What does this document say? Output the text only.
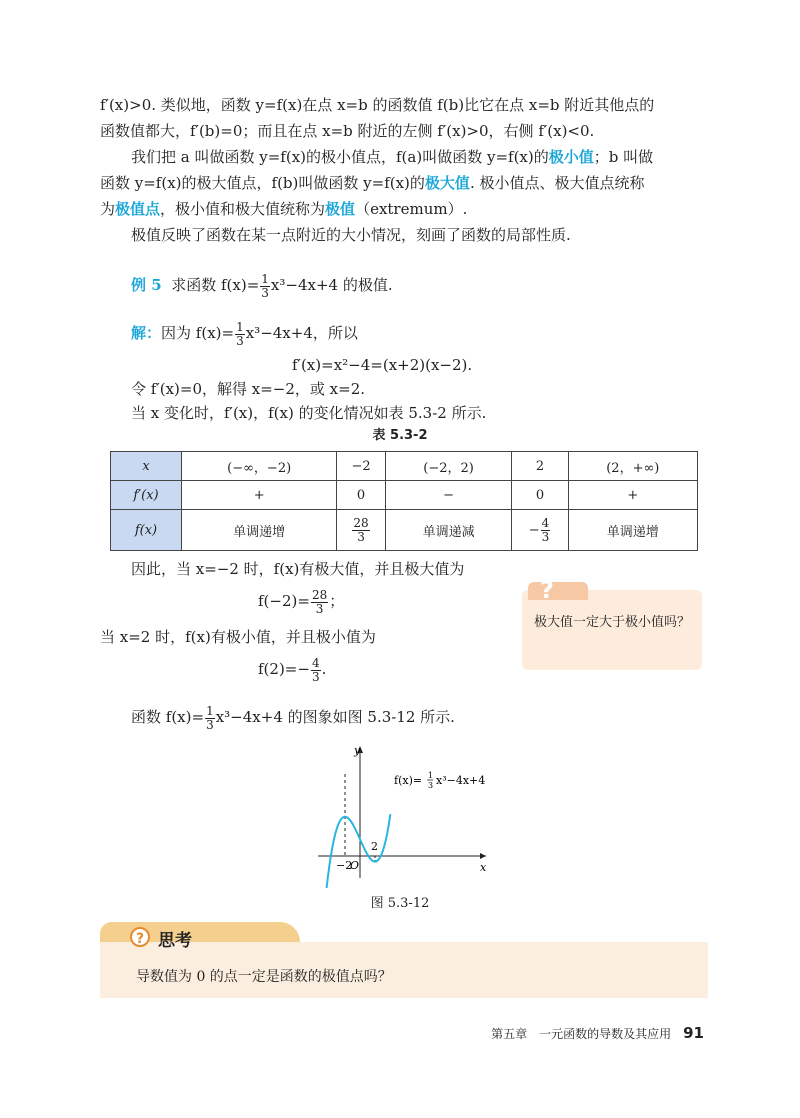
f′(x)>0. 类似地，函数 y=f(x)在点 x=b 的函数值 f(b)比它在点 x=b 附近其他点的
函数值都大，f′(b)=0；而且在点 x=b 附近的左侧 f′(x)>0，右侧 f′(x)<0.
我们把 a 叫做函数 y=f(x)的极小值点，f(a)叫做函数 y=f(x)的极小值；b 叫做
函数 y=f(x)的极大值点，f(b)叫做函数 y=f(x)的极大值. 极小值点、极大值点统称
为极值点，极小值和极大值统称为极值（extremum）.
极值反映了函数在某一点附近的大小情况，刻画了函数的局部性质.
例 5 求函数 $f(x)= \frac{1}{3} x^3-4x+4$ 的极值.
解：因为 $f(x)= \frac{1}{3} x^3-4x+4$，所以
f′(x)=x²−4=(x+2)(x−2).
令 f′(x)=0，解得 x=−2，或 x=2.
当 x 变化时，f′(x)，f(x) 的变化情况如表 5.3-2 所示.
表 5.3-2
x	(−∞，−2)	−2	(−2，2)	2	(2，+∞)
f′(x)	+	0	−	0	+
f(x)	单调递增	$\frac{28}{3}$	单调递减	− $\frac{4}{3}$	单调递增
因此，当 x=−2 时，f(x)有极大值，并且极大值为
$f(-2)= \frac{28}{3}$ ；
当 x=2 时，f(x)有极小值，并且极小值为
$f(2)=- \frac{4}{3}$ .
函数 $f(x)= \frac{1}{3} x^3-4x+4$ 的图象如图 5.3-12 所示.
?
极大值一定大于极小值吗？
y
x
O
−2
2
f(x)= 1
3 x³−4x+4
图 5.3-12
? 思考
导数值为 0 的点一定是函数的极值点吗？
第五章　一元函数的导数及其应用 91
